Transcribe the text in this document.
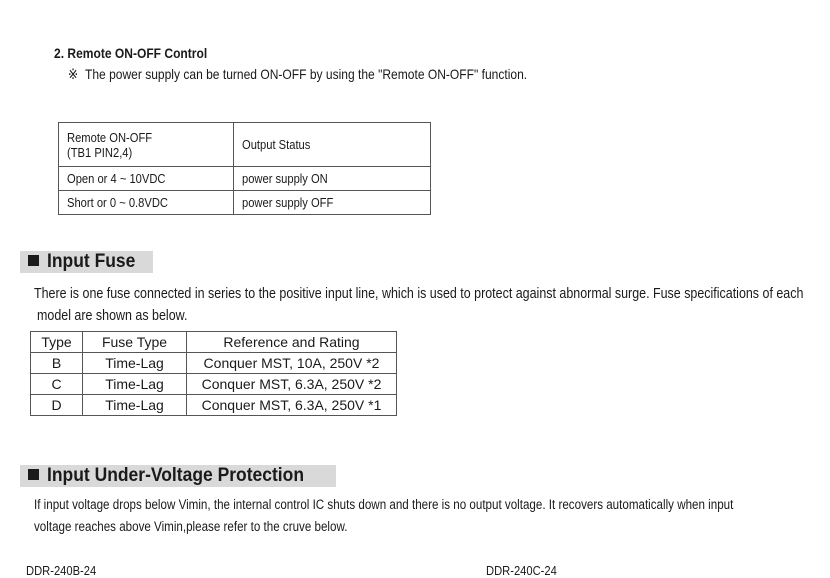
2. Remote ON-OFF Control
※ The power supply can be turned ON-OFF by using the "Remote ON-OFF" function.
Remote ON-OFF
(TB1 PIN2,4)	Output Status
Open or 4 ~ 10VDC	power supply ON
Short or 0 ~ 0.8VDC	power supply OFF
Input Fuse
There is one fuse connected in series to the positive input line, which is used to protect against abnormal surge. Fuse specifications of each
model are shown as below.
Type	Fuse Type	Reference and Rating
B	Time-Lag	Conquer MST, 10A, 250V *2
C	Time-Lag	Conquer MST, 6.3A, 250V *2
D	Time-Lag	Conquer MST, 6.3A, 250V *1
Input Under-Voltage Protection
If input voltage drops below Vimin, the internal control IC shuts down and there is no output voltage. It recovers automatically when input
voltage reaches above Vimin,please refer to the cruve below.
DDR-240B-24	DDR-240C-24
